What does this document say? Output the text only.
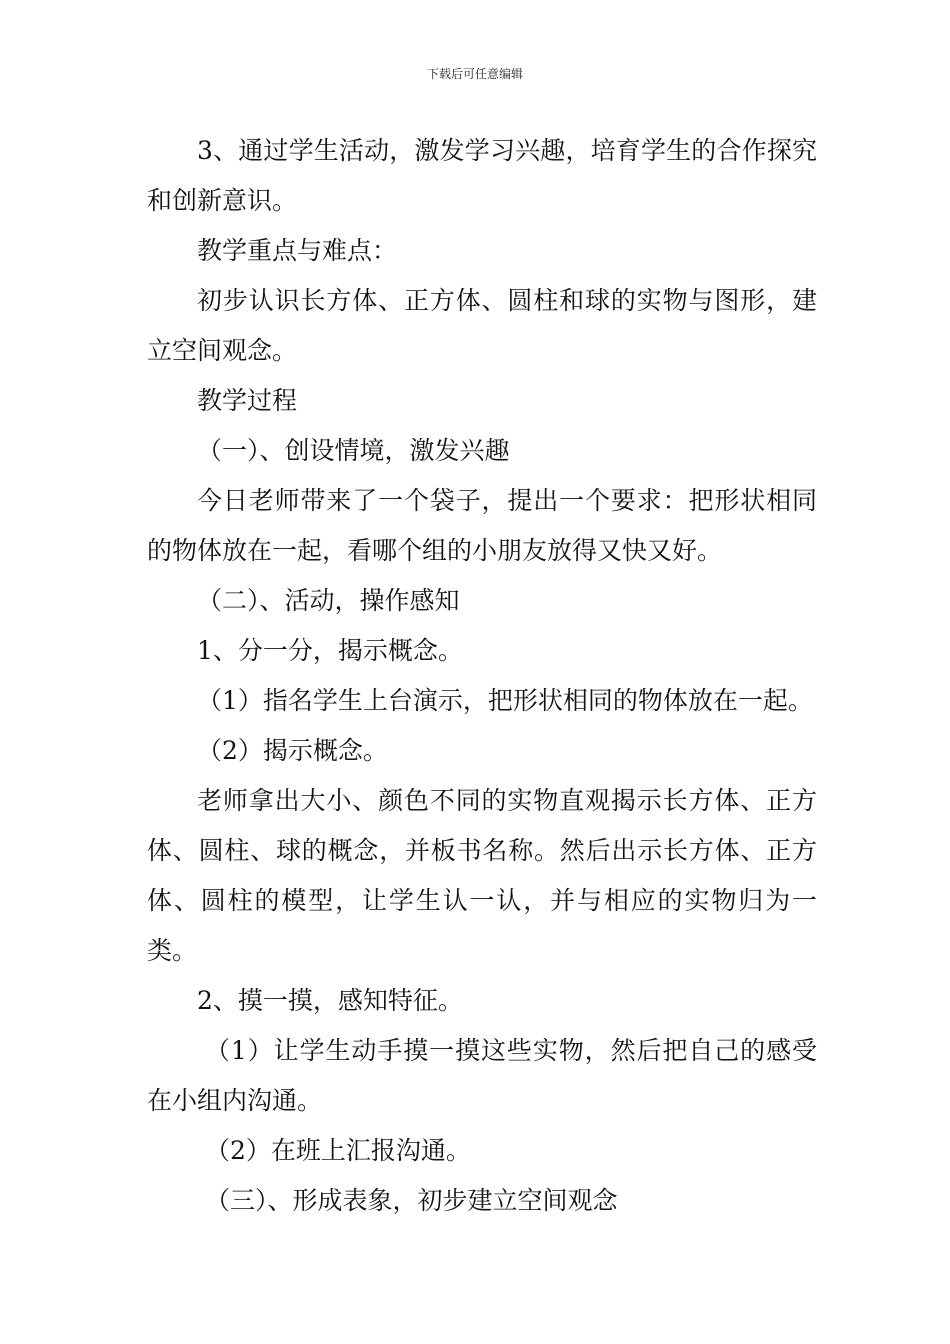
下载后可任意编辑

3、通过学生活动，激发学习兴趣，培育学生的合作探究和创新意识。

教学重点与难点：

初步认识长方体、正方体、圆柱和球的实物与图形，建立空间观念。

教学过程

（一）、创设情境，激发兴趣

今日老师带来了一个袋子，提出一个要求：把形状相同的物体放在一起，看哪个组的小朋友放得又快又好。

（二）、活动，操作感知

1、分一分，揭示概念。

（1）指名学生上台演示，把形状相同的物体放在一起。

（2）揭示概念。

老师拿出大小、颜色不同的实物直观揭示长方体、正方体、圆柱、球的概念，并板书名称。然后出示长方体、正方体、圆柱的模型，让学生认一认，并与相应的实物归为一类。

2、摸一摸，感知特征。

（1）让学生动手摸一摸这些实物，然后把自己的感受在小组内沟通。

（2）在班上汇报沟通。

（三）、形成表象，初步建立空间观念
